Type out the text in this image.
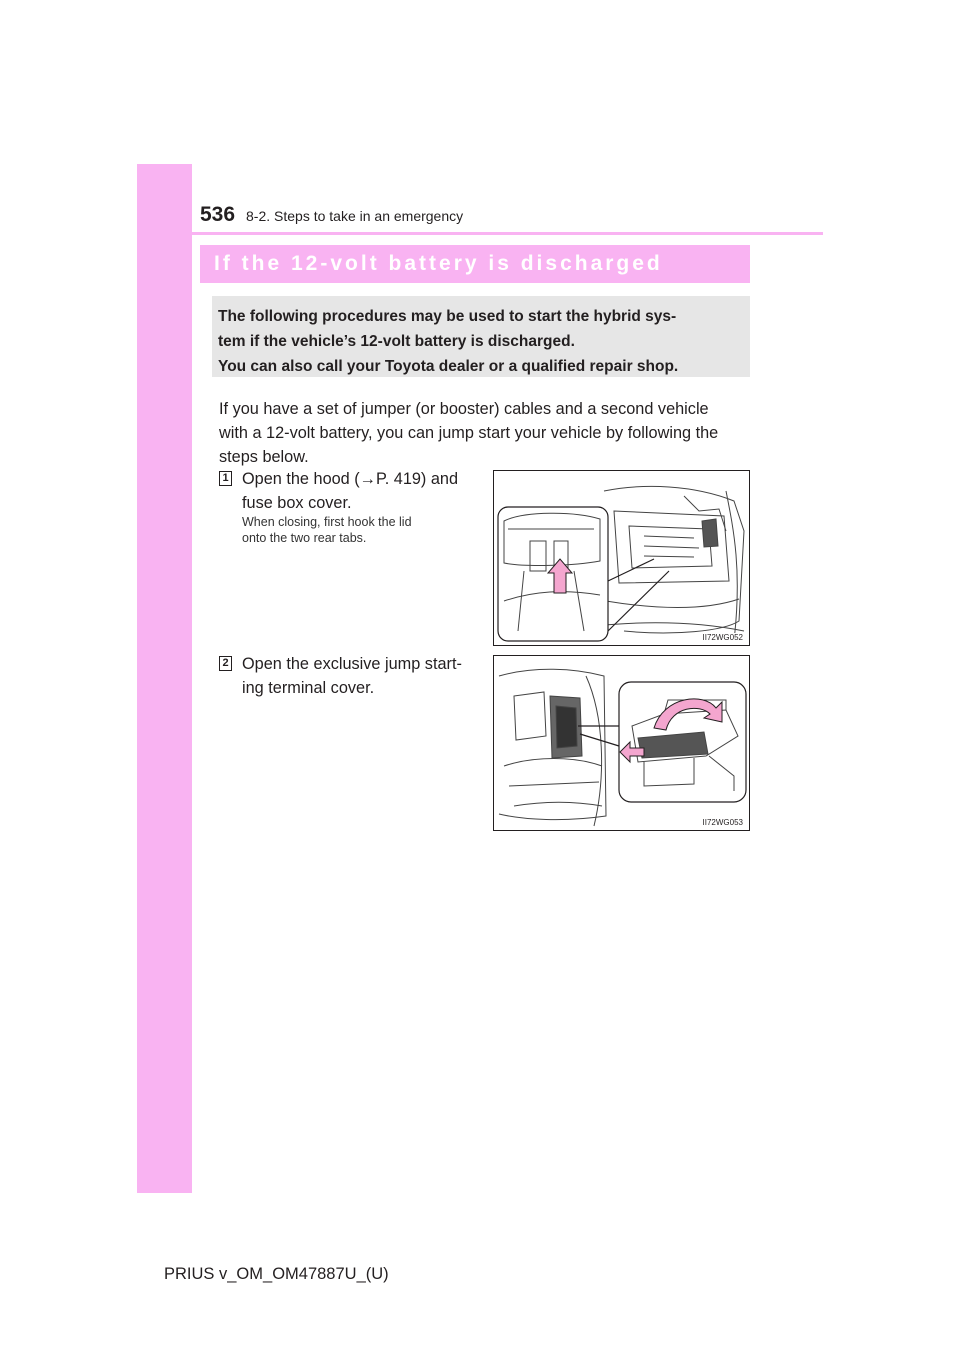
536 8-2. Steps to take in an emergency
If the 12-volt battery is discharged
The following procedures may be used to start the hybrid sys-
tem if the vehicle’s 12-volt battery is discharged.
You can also call your Toyota dealer or a qualified repair shop.
If you have a set of jumper (or booster) cables and a second vehicle
with a 12-volt battery, you can jump start your vehicle by following the
steps below.
1 Open the hood (→P. 419) and
fuse box cover.
When closing, first hook the lid
onto the two rear tabs.
II72WG052
2 Open the exclusive jump start-
ing terminal cover.
II72WG053
PRIUS v_OM_OM47887U_(U)
